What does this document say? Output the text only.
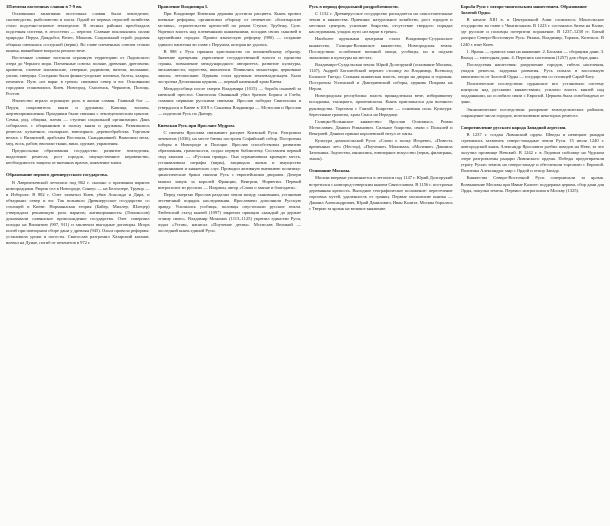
1Племена восточных славян в 7-9 вв.

Основными занятиями восточных славян были земледелие, скотоводство, рыболовство и охота. Одной из первых отраслей хозяйства стало подсечно-огневое земледелие. В лесных районах преобладала подсечная система, в лесостепи — перелог. Славяне поклонялись силам природы: Перун, Даждьбог, Велес, Мокошь. Социальный строй: родовая община сменялась соседской (вервь). Во главе племенных союзов стояли князья, важнейшие вопросы решало вече.

Восточные славяне заселили огромную территорию от Ладожского озера до Черного моря. Племенные союзы: поляне, древляне, дреговичи, кривичи, словене ильменские, северяне, радимичи, вятичи, волыняне, уличи, тиверцы. Соседями были финно-угорские племена, балты, хазары, печенеги. Путь «из варяг в греки» связывал север и юг. Основными городами становились Киев, Новгород, Смоленск, Чернигов, Полоцк, Ростов.

Язычество играло огромную роль в жизни славян. Главный бог — Перун, покровитель князя и дружины. Капища, волхвы, жертвоприношения. Праздники были связаны с земледельческим циклом. Семья, род, община, племя — ступени социальной организации. Дань собиралась с общинников в пользу князя и дружины. Развивались ремесла: кузнечное, гончарное, ювелирное, деревообработка. Торговля велась с Византией, арабским Востоком, Скандинавией. Вывозили меха, мед, воск, рабов; ввозили ткани, вино, оружие, украшения.

Предпосылки образования государства: развитие земледелия, выделение ремесла, рост городов, имущественное неравенство, необходимость защиты от внешних врагов, появление знати.

Образование первого древнерусского государства.

В Лаврентьевской летописи под 862 г. сказано о призвании варягов новгородцами. Рюрик сел в Новгороде, Синеус — на Белоозере, Трувор — в Изборске. В 882 г. Олег захватил Киев, убив Аскольда и Дира, и объединил север и юг. Так возникло Древнерусское государство со столицей в Киеве. Норманнская теория (Байер, Миллер, Шлецер) утверждала решающую роль варягов; антинорманисты (Ломоносов) доказывали славянское происхождение государства. Олег совершил походы на Византию (907, 911) и заключил выгодные договоры. Игорь погиб при повторном сборе дани у древлян (945). Ольга провела реформы: установила уроки и погосты. Святослав разгромил Хазарский каганат, воевал на Дунае, погиб от печенегов в 972 г.

Правление Владимира I.

При Владимире Киевская держава достигла расцвета. Князь провел военные реформы, организовал оборону от печенегов: «богатырские заставы», строительство крепостей по рекам Стугне, Трубежу, Суле. Укрепил власть над племенными княжениями, посадив своих сыновей в крупнейших городах. Провел языческую реформу (980) — создание единого пантеона во главе с Перуном, которая не удалась.

В 988 г. Русь приняла христианство по византийскому образцу. Значение крещения: укрепление государственной власти и единства страны, повышение международного авторитета, развитие культуры, письменности, зодчества, иконописи. Появились монастыри, церковные школы, летописание. Церковь стала крупным землевладельцем. Была построена Десятинная церковь — первый каменный храм Киева.

Междоусобица после смерти Владимира (1015) — борьба сыновей за киевский престол. Святополк Окаянный убил братьев Бориса и Глеба, ставших первыми русскими святыми. Ярослав победил Святополка и утвердился в Киеве в 1019 г. Сыновья Владимира — Мстислав и Ярослав — поделили Русь по Днепру.

Киевская Русь при Ярославе Мудром.

С именем Ярослава связывают расцвет Киевской Руси. Разгромил печенегов (1036), на месте битвы построен Софийский собор. Построены соборы в Новгороде и Полоцке. Ярослав способствовал развитию образования, грамотности, создал первую библиотеку. Составлен первый свод законов — «Русская правда». Она ограничивала кровную месть, устанавливала штрафы (виры), защищала жизнь и имущество дружинников и княжеских слуг. Проводил активную внешнюю политику: династические браки связали Русь с европейскими дворами. Дочери вышли замуж за королей Франции, Венгрии, Норвегии. Первый митрополит из русских — Иларион, автор «Слова о законе и благодати».

Перед смертью Ярослав разделил земли между сыновьями, установив лествичный порядок наследования. Ярославичи дополнили Русскую правду. Усилились усобицы, половцы опустошали русские земли. Любечский съезд князей (1097) закрепил принцип «каждый да держит отчину свою». Владимир Мономах (1113–1125) укрепил единство Руси, издал «Устав», написал «Поучение детям». Мстислав Великий — последний князь единой Руси.

Русь в период феодальной раздробленности.

С 1132 г. Древнерусское государство распадается на самостоятельные земли и княжества. Причины: натуральное хозяйство, рост городов и местных центров, усиление боярства, отсутствие твердого порядка наследования, упадок пути «из варяг в греки».

Наиболее крупными центрами стали Владимиро-Суздальское княжество, Галицко-Волынское княжество, Новгородская земля. Последствия: ослабление военной мощи, усобицы, но и подъем экономики и культуры на местах.

Владимиро-Суздальская земля: Юрий Долгорукий (основание Москвы, 1147), Андрей Боголюбский перенес столицу во Владимир, Всеволод Большое Гнездо. Сильная княжеская власть, опора на дворян и горожан. Построены Успенский и Дмитриевский соборы, церковь Покрова на Нерли.

Новгородская республика: власть принадлежала вече, избиравшему посадника, тысяцкого, архиепископа. Князь приглашался для военного руководства. Торговля с Ганзой. Боярство — основная сила. Культура: берестяные грамоты, храм Спаса на Нередице.

Галицко-Волынское княжество: Ярослав Осмомысл, Роман Мстиславич, Даниил Романович. Сильное боярство, связи с Польшей и Венгрией. Даниил принял королевский титул от папы.

Культура домонгольской Руси: «Слово о полку Игореве», «Повесть временных лет» (Нестор), «Поучение» Мономаха, «Моление» Даниила Заточника. Зодчество, иконопись, ювелирное искусство (зернь, филигрань, эмаль).

Основание Москвы.

Москва впервые упоминается в летописи под 1147 г. Юрий Долгорукий встретился с новгород-северским князем Святославом. В 1156 г. построена деревянная крепость. Выгодное географическое положение: пересечение торговых путей, удаленность от границ. Первые московские князья — Даниил Александрович, Юрий Данилович, Иван Калита. Москва боролась с Тверью за ярлык на великое княжение.

Борьба Руси с татаро-монгольским нашествием. Образование Золотой Орды.

В начале XIII в. в Центральной Азии сложилось Монгольское государство во главе с Чингисханом. В 1223 г. состоялась битва на Калке, где русские и половцы потерпели поражение. В 1237–1238 гг. Батый разорил Северо-Восточную Русь: Рязань, Владимир, Торжок, Козельск. В 1240 г. взят Киев.

1. Ярлык — грамота хана на княжение. 2. Баскаки — сборщики дани. 3. Выход — ежегодная дань. 4. Перепись населения (1257) для сбора дани.

Последствия нашествия: разрушение городов, гибель населения, упадок ремесла, задержка развития. Русь попала в вассальную зависимость от Золотой Орды — государства со столицей Сарай-Бату.

Политические последствия: ордынское иго установило систему контроля над русскими княжествами, усилило власть князей над подданными, но ослабило связи с Европой. Церковь была освобождена от дани.

Экономические последствия: разорение земледельческих районов, сокращение числа городов, исчезновение некоторых ремесел.

Сопротивление русского народа Западной агрессии.

В 1237 г. создан Ливонский орден. Шведы и немецкие рыцари стремились захватить северо-западные земли Руси. 15 июля 1240 г. новгородский князь Александр Ярославич разбил шведов на Неве, за что получил прозвище Невский. В 1242 г. в Ледовом побоище на Чудском озере разгромлены рыцари Ливонского ордена. Победы предотвратили утрату Русью земель на северо-западе и обеспечили торговлю с Европой. Политика Александра: мир с Ордой и отпор Западу.

Княжества Северо-Восточной Руси соперничали за ярлык. Возвышение Москвы при Иване Калите: поддержка церкви, сбор дани для Орды, покупка земель. Перенос митрополии в Москву (1325).
